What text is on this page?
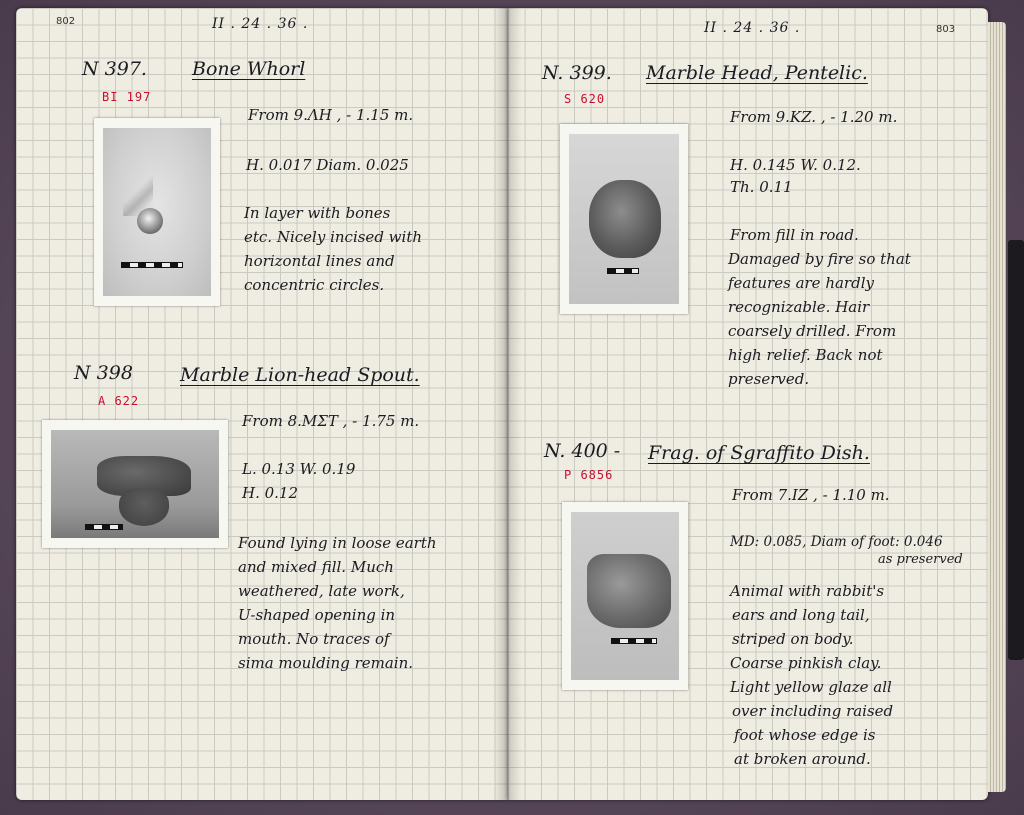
802	II . 24 . 36 .
N 397. Bone Whorl
BI 197
From 9.ΛΗ , - 1.15 m.
H. 0.017 Diam. 0.025
In layer with bones
etc. Nicely incised with
horizontal lines and
concentric circles.
N 398 Marble Lion-head Spout.
A 622
From 8.MΣT , - 1.75 m.
L. 0.13 W. 0.19
H. 0.12
Found lying in loose earth
and mixed fill. Much
weathered, late work,
U-shaped opening in
mouth. No traces of
sima moulding remain.
II . 24 . 36 .	803
N. 399. Marble Head, Pentelic.
S 620
From 9.KZ. , - 1.20 m.
H. 0.145 W. 0.12.
Th. 0.11
From fill in road.
Damaged by fire so that
features are hardly
recognizable. Hair
coarsely drilled. From
high relief. Back not
preserved.
N. 400 - Frag. of Sgraffito Dish.
P 6856
From 7.ΙΖ , - 1.10 m.
MD: 0.085, Diam of foot: 0.046
as preserved
Animal with rabbit's
ears and long tail,
striped on body.
Coarse pinkish clay.
Light yellow glaze all
over including raised
foot whose edge is
at broken around.
